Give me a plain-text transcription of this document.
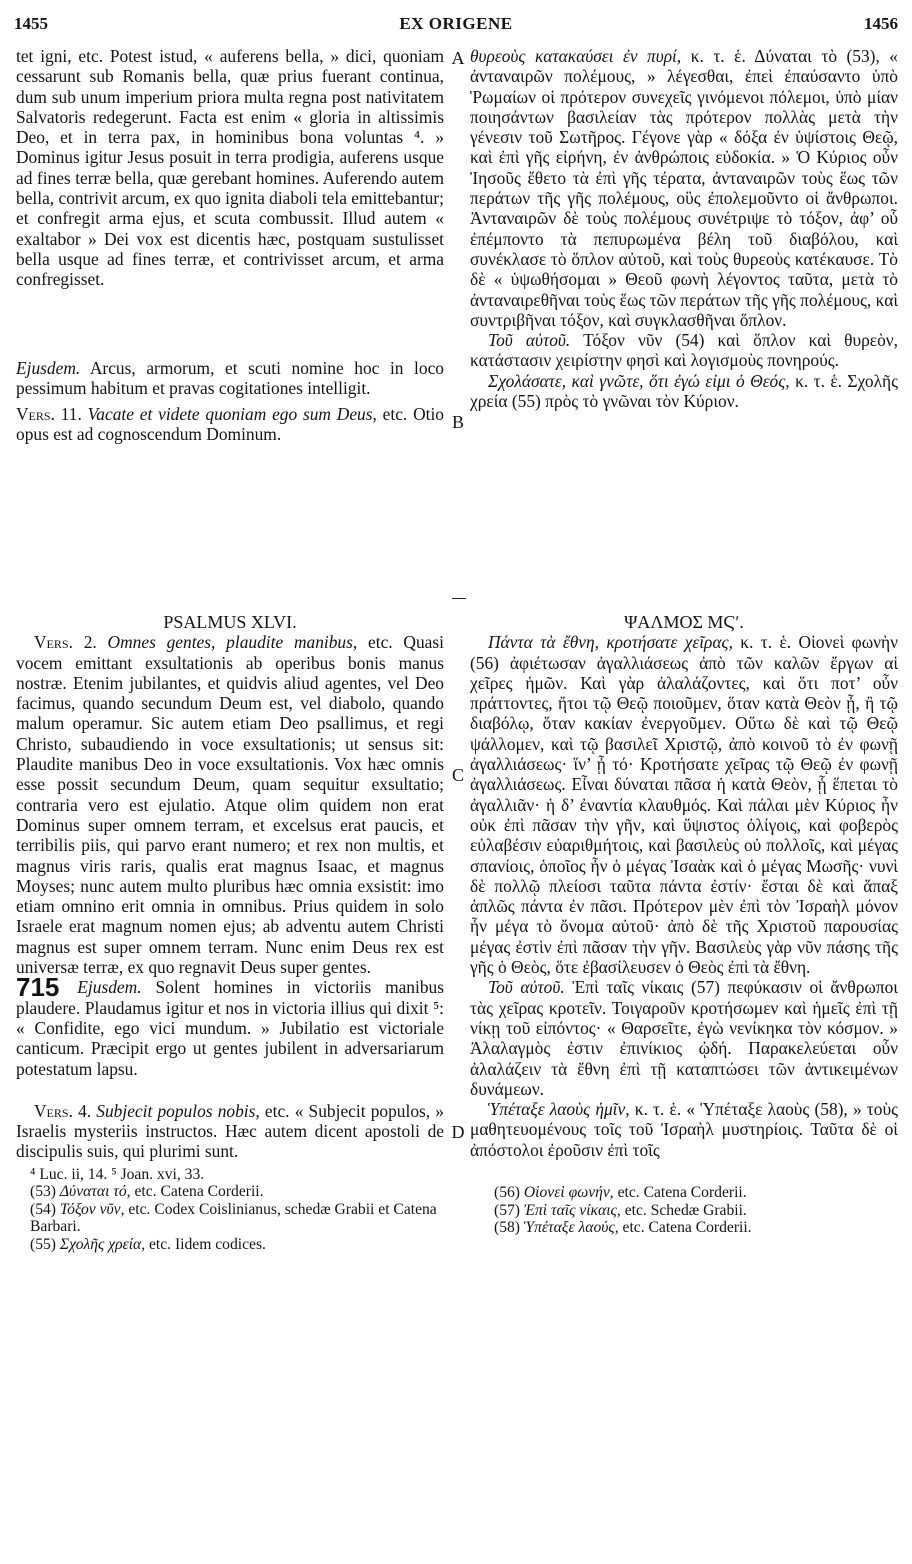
1455	EX ORIGENE	1456
A
B
C
D

tet igni, etc. Potest istud, « auferens bella, » dici, quoniam cessarunt sub Romanis bella, quæ prius fuerant continua, dum sub unum imperium priora multa regna post nativitatem Salvatoris redegerunt. Facta est enim « gloria in altissimis Deo, et in terra pax, in hominibus bona voluntas ⁴. » Dominus igitur Jesus posuit in terra prodigia, auferens usque ad fines terræ bella, quæ gerebant homines. Auferendo autem bella, contrivit arcum, ex quo ignita diaboli tela emittebantur; et confregit arma ejus, et scuta combussit. Illud autem « exaltabor » Dei vox est dicentis hæc, postquam sustulisset bella usque ad fines terræ, et contrivisset arcum, et arma confregisset.

Ejusdem. Arcus, armorum, et scuti nomine hoc in loco pessimum habitum et pravas cogitationes intelligit.

Vers. 11. Vacate et videte quoniam ego sum Deus, etc. Otio opus est ad cognoscendum Dominum.

θυρεοὺς κατακαύσει ἐν πυρί, κ. τ. ἑ. Δύναται τὸ (53), « ἀνταναιρῶν πολέμους, » λέγεσθαι, ἐπεὶ ἐπαύσαντο ὑπὸ Ῥωμαίων οἱ πρότερον συνεχεῖς γινόμενοι πόλεμοι, ὑπὸ μίαν ποιησάντων βασιλείαν τὰς πρότερον πολλὰς μετὰ τὴν γένεσιν τοῦ Σωτῆρος. Γέγονε γὰρ « δόξα ἐν ὑψίστοις Θεῷ, καὶ ἐπὶ γῆς εἰρήνη, ἐν ἀνθρώποις εὐδοκία. » Ὁ Κύριος οὖν Ἰησοῦς ἔθετο τὰ ἐπὶ γῆς τέρατα, ἀνταναιρῶν τοὺς ἕως τῶν περάτων τῆς γῆς πολέμους, οὓς ἐπολεμοῦντο οἱ ἄνθρωποι. Ἀνταναιρῶν δὲ τοὺς πολέμους συνέτριψε τὸ τόξον, ἀφ’ οὗ ἐπέμποντο τὰ πεπυρωμένα βέλη τοῦ διαβόλου, καὶ συνέκλασε τὸ ὅπλον αὐτοῦ, καὶ τοὺς θυρεοὺς κατέκαυσε. Τὸ δὲ « ὑψωθήσομαι » Θεοῦ φωνὴ λέγοντος ταῦτα, μετὰ τὸ ἀνταναιρεθῆναι τοὺς ἕως τῶν περάτων τῆς γῆς πολέμους, καὶ συντριβῆναι τόξον, καὶ συγκλασθῆναι ὅπλον.

Τοῦ αὐτοῦ. Τόξον νῦν (54) καὶ ὅπλον καὶ θυρεὸν, κατάστασιν χειρίστην φησὶ καὶ λογισμοὺς πονηρούς.

Σχολάσατε, καὶ γνῶτε, ὅτι ἐγώ εἰμι ὁ Θεός, κ. τ. ἑ. Σχολῆς χρεία (55) πρὸς τὸ γνῶναι τὸν Κύριον.

PSALMUS XLVI.

Vers. 2. Omnes gentes, plaudite manibus, etc. Quasi vocem emittant exsultationis ab operibus bonis manus nostræ. Etenim jubilantes, et quidvis aliud agentes, vel Deo facimus, quando secundum Deum est, vel diabolo, quando malum operamur. Sic autem etiam Deo psallimus, et regi Christo, subaudiendo in voce exsultationis; ut sensus sit: Plaudite manibus Deo in voce exsultationis. Vox hæc omnis esse possit secundum Deum, quam sequitur exsultatio; contraria vero est ejulatio. Atque olim quidem non erat Dominus super omnem terram, et excelsus erat paucis, et terribilis piis, qui parvo erant numero; et rex non multis, et magnus viris raris, qualis erat magnus Isaac, et magnus Moyses; nunc autem multo pluribus hæc omnia exsistit: imo etiam omnino erit omnia in omnibus. Prius quidem in solo Israele erat magnum nomen ejus; ab adventu autem Christi magnus est super omnem terram. Nunc enim Deus rex est universæ terræ, ex quo regnavit Deus super gentes.

715 Ejusdem. Solent homines in victoriis manibus plaudere. Plaudamus igitur et nos in victoria illius qui dixit ⁵: « Confidite, ego vici mundum. » Jubilatio est victoriale canticum. Præcipit ergo ut gentes jubilent in adversariarum potestatum lapsu.

Vers. 4. Subjecit populos nobis, etc. « Subjecit populos, » Israelis mysteriis instructos. Hæc autem dicent apostoli de discipulis suis, qui plurimi sunt.

⁴ Luc. ii, 14. ⁵ Joan. xvi, 33.

(53) Δύναται τό, etc. Catena Corderii.

(54) Τόξον νῦν, etc. Codex Coislinianus, schedæ Grabii et Catena Barbari.

(55) Σχολῆς χρεία, etc. Iidem codices.

ΨΑΛΜΟΣ ΜϚʹ.

Πάντα τὰ ἔθνη, κροτήσατε χεῖρας, κ. τ. ἑ. Οἱονεὶ φωνὴν (56) ἀφιέτωσαν ἀγαλλιάσεως ἀπὸ τῶν καλῶν ἔργων αἱ χεῖρες ἡμῶν. Καὶ γὰρ ἀλαλάζοντες, καὶ ὅτι ποτ’ οὖν πράττοντες, ἤτοι τῷ Θεῷ ποιοῦμεν, ὅταν κατὰ Θεὸν ᾖ, ἢ τῷ διαβόλῳ, ὅταν κακίαν ἐνεργοῦμεν. Οὕτω δὲ καὶ τῷ Θεῷ ψάλλομεν, καὶ τῷ βασιλεῖ Χριστῷ, ἀπὸ κοινοῦ τὸ ἐν φωνῇ ἀγαλλιάσεως· ἵν’ ᾖ τό· Κροτήσατε χεῖρας τῷ Θεῷ ἐν φωνῇ ἀγαλλιάσεως. Εἶναι δύναται πᾶσα ἡ κατὰ Θεὸν, ᾗ ἕπεται τὸ ἀγαλλιᾶν· ἡ δ’ ἐναντία κλαυθμός. Καὶ πάλαι μὲν Κύριος ἦν οὐκ ἐπὶ πᾶσαν τὴν γῆν, καὶ ὕψιστος ὀλίγοις, καὶ φοβερὸς εὐλαβέσιν εὐαριθμήτοις, καὶ βασιλεὺς οὐ πολλοῖς, καὶ μέγας σπανίοις, ὁποῖος ἦν ὁ μέγας Ἰσαὰκ καὶ ὁ μέγας Μωσῆς· νυνὶ δὲ πολλῷ πλείοσι ταῦτα πάντα ἐστίν· ἔσται δὲ καὶ ἅπαξ ἁπλῶς πάντα ἐν πᾶσι. Πρότερον μὲν ἐπὶ τὸν Ἰσραὴλ μόνον ἦν μέγα τὸ ὄνομα αὐτοῦ· ἀπὸ δὲ τῆς Χριστοῦ παρουσίας μέγας ἐστὶν ἐπὶ πᾶσαν τὴν γῆν. Βασιλεὺς γὰρ νῦν πάσης τῆς γῆς ὁ Θεὸς, ὅτε ἐβασίλευσεν ὁ Θεὸς ἐπὶ τὰ ἔθνη.

Τοῦ αὐτοῦ. Ἐπὶ ταῖς νίκαις (57) πεφύκασιν οἱ ἄνθρωποι τὰς χεῖρας κροτεῖν. Τοιγαροῦν κροτήσωμεν καὶ ἡμεῖς ἐπὶ τῇ νίκῃ τοῦ εἰπόντος· « Θαρσεῖτε, ἐγὼ νενίκηκα τὸν κόσμον. » Ἀλαλαγμὸς ἐστιν ἐπινίκιος ᾠδή. Παρακελεύεται οὖν ἀλαλάζειν τὰ ἔθνη ἐπὶ τῇ καταπτώσει τῶν ἀντικειμένων δυνάμεων.

Ὑπέταξε λαοὺς ἡμῖν, κ. τ. ἑ. « Ὑπέταξε λαοὺς (58), » τοὺς μαθητευομένους τοῖς τοῦ Ἰσραὴλ μυστηρίοις. Ταῦτα δὲ οἱ ἀπόστολοι ἐροῦσιν ἐπὶ τοῖς

(56) Οἱονεὶ φωνήν, etc. Catena Corderii.

(57) Ἐπὶ ταῖς νίκαις, etc. Schedæ Grabii.

(58) Ὑπέταξε λαούς, etc. Catena Corderii.
